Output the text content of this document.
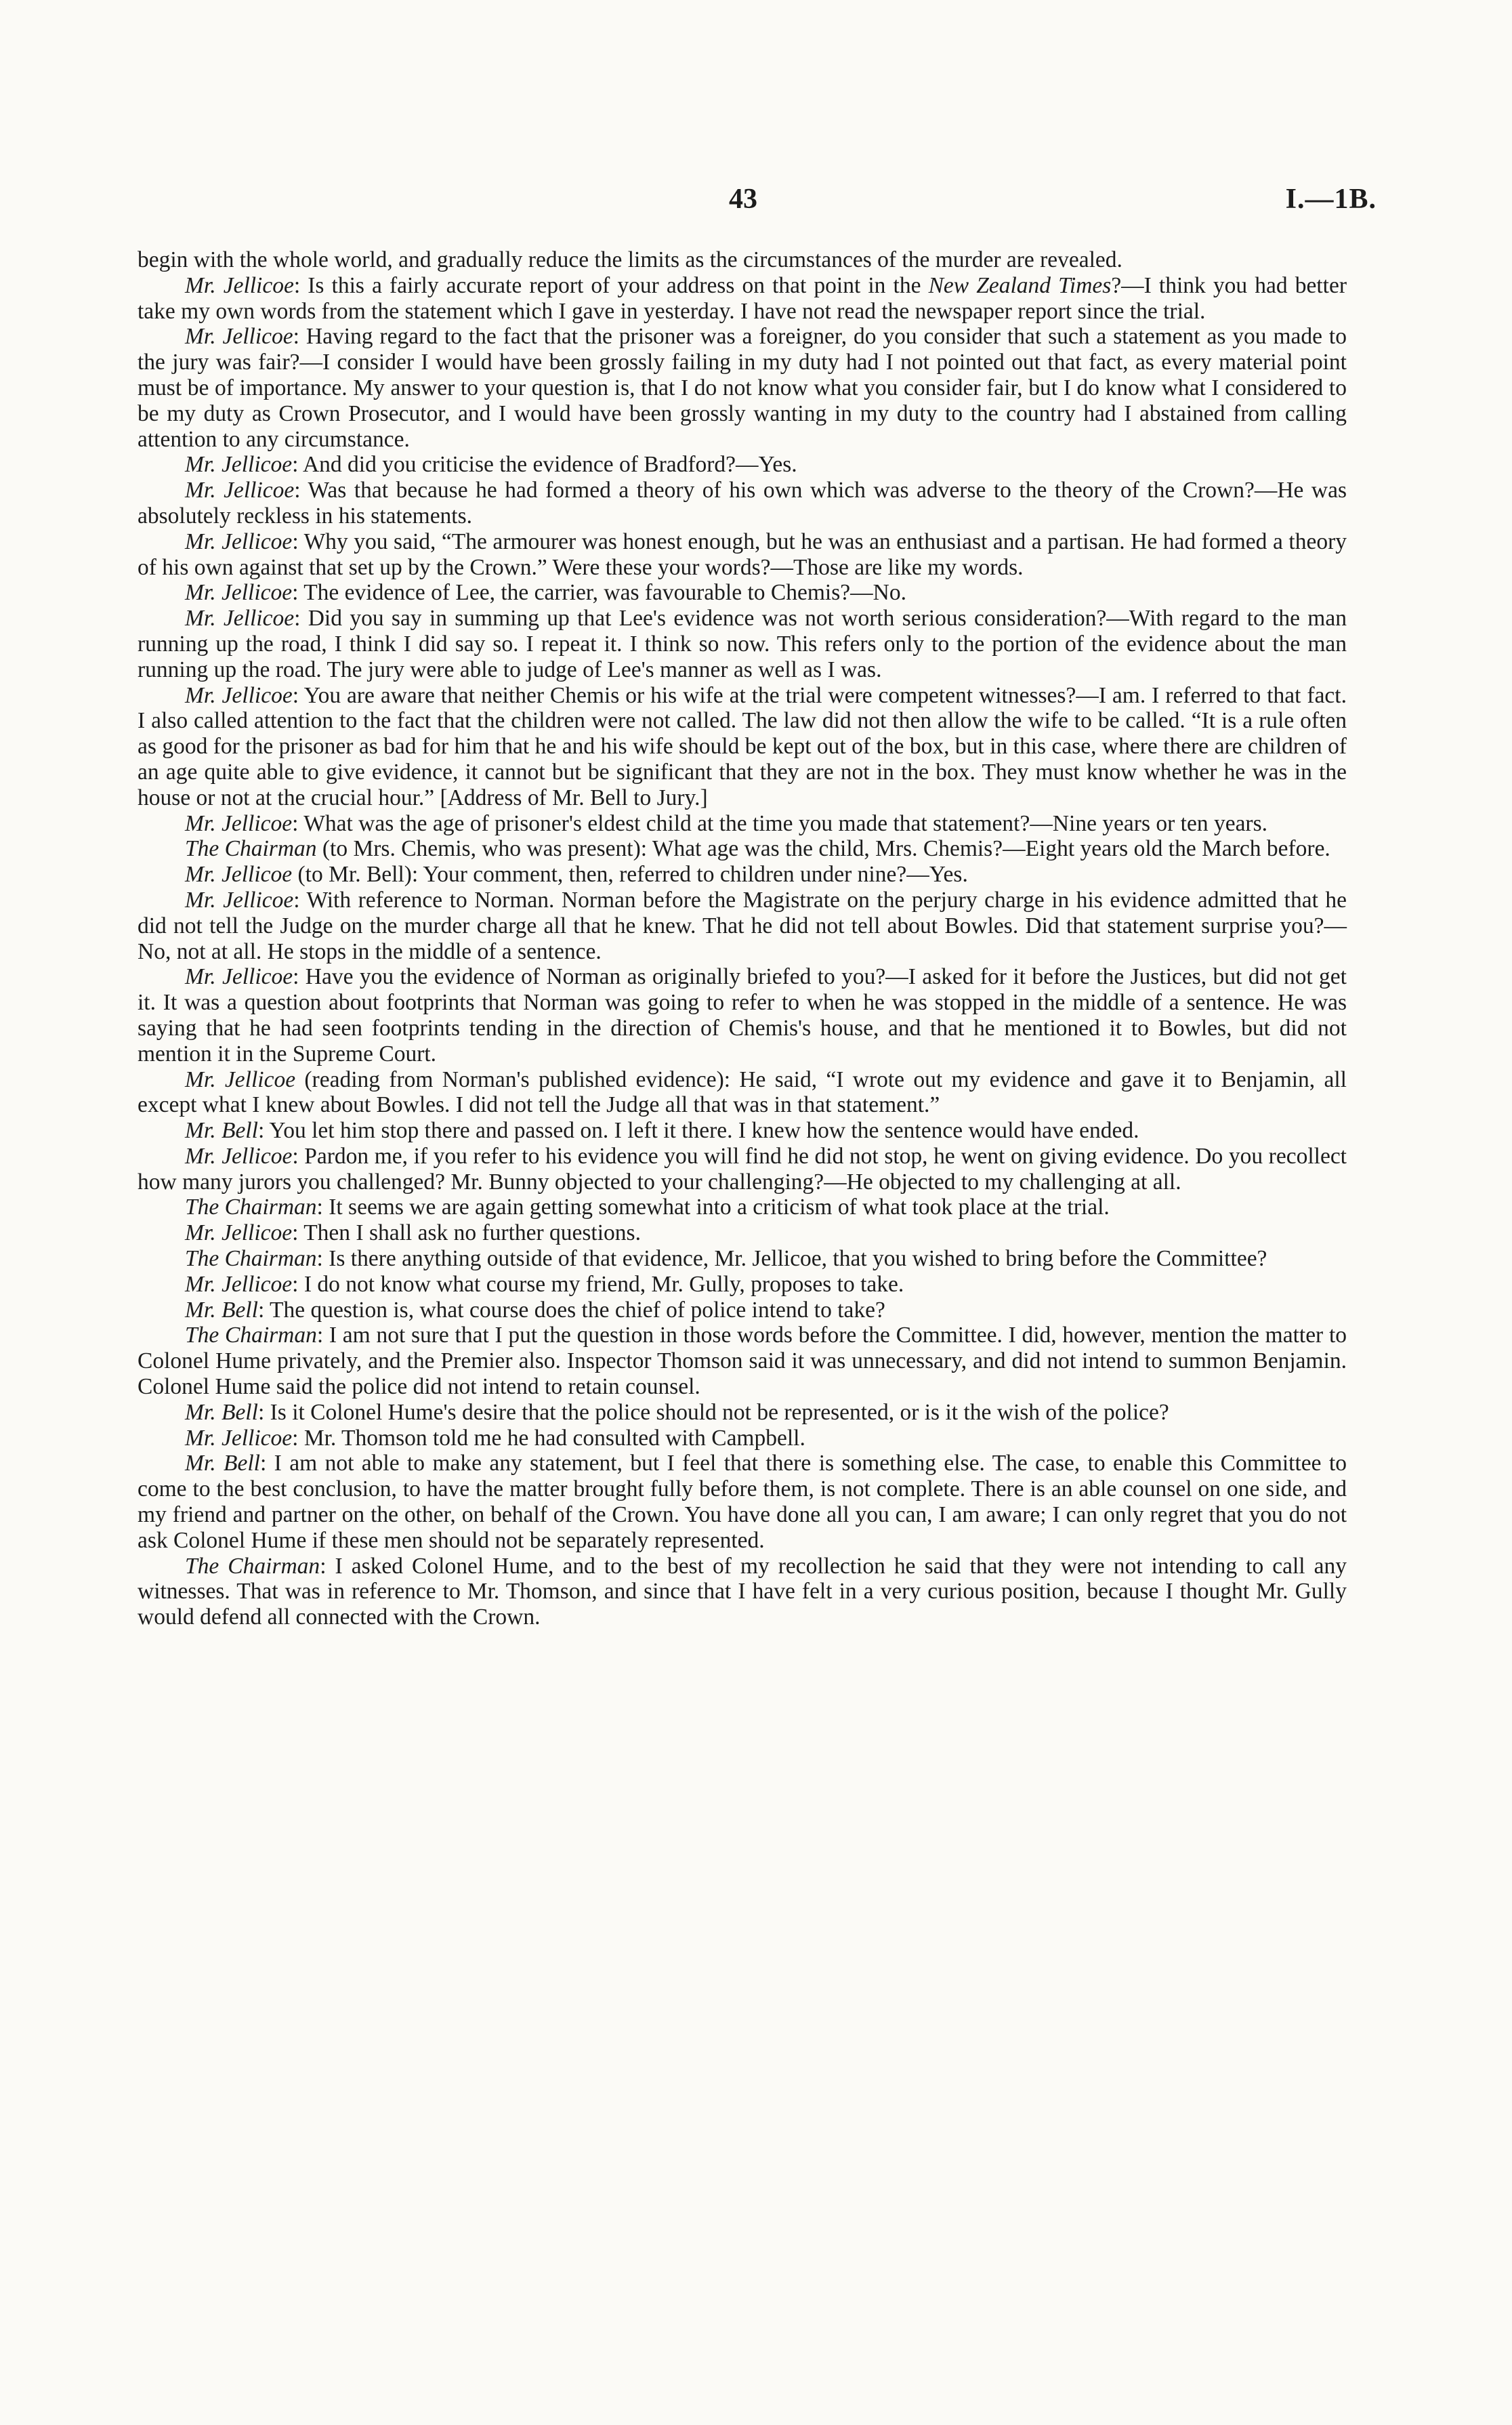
43	I.—1B.

begin with the whole world, and gradually reduce the limits as the circumstances of the murder are revealed.

Mr. Jellicoe: Is this a fairly accurate report of your address on that point in the New Zealand Times?—I think you had better take my own words from the statement which I gave in yesterday. I have not read the newspaper report since the trial.

Mr. Jellicoe: Having regard to the fact that the prisoner was a foreigner, do you consider that such a statement as you made to the jury was fair?—I consider I would have been grossly failing in my duty had I not pointed out that fact, as every material point must be of importance. My answer to your question is, that I do not know what you consider fair, but I do know what I considered to be my duty as Crown Prosecutor, and I would have been grossly wanting in my duty to the country had I abstained from calling attention to any circumstance.

Mr. Jellicoe: And did you criticise the evidence of Bradford?—Yes.

Mr. Jellicoe: Was that because he had formed a theory of his own which was adverse to the theory of the Crown?—He was absolutely reckless in his statements.

Mr. Jellicoe: Why you said, “The armourer was honest enough, but he was an enthusiast and a partisan. He had formed a theory of his own against that set up by the Crown.” Were these your words?—Those are like my words.

Mr. Jellicoe: The evidence of Lee, the carrier, was favourable to Chemis?—No.

Mr. Jellicoe: Did you say in summing up that Lee's evidence was not worth serious consideration?—With regard to the man running up the road, I think I did say so. I repeat it. I think so now. This refers only to the portion of the evidence about the man running up the road. The jury were able to judge of Lee's manner as well as I was.

Mr. Jellicoe: You are aware that neither Chemis or his wife at the trial were competent witnesses?—I am. I referred to that fact. I also called attention to the fact that the children were not called. The law did not then allow the wife to be called. “It is a rule often as good for the prisoner as bad for him that he and his wife should be kept out of the box, but in this case, where there are children of an age quite able to give evidence, it cannot but be significant that they are not in the box. They must know whether he was in the house or not at the crucial hour.” [Address of Mr. Bell to Jury.]

Mr. Jellicoe: What was the age of prisoner's eldest child at the time you made that statement?—Nine years or ten years.

The Chairman (to Mrs. Chemis, who was present): What age was the child, Mrs. Chemis?—Eight years old the March before.

Mr. Jellicoe (to Mr. Bell): Your comment, then, referred to children under nine?—Yes.

Mr. Jellicoe: With reference to Norman. Norman before the Magistrate on the perjury charge in his evidence admitted that he did not tell the Judge on the murder charge all that he knew. That he did not tell about Bowles. Did that statement surprise you?—No, not at all. He stops in the middle of a sentence.

Mr. Jellicoe: Have you the evidence of Norman as originally briefed to you?—I asked for it before the Justices, but did not get it. It was a question about footprints that Norman was going to refer to when he was stopped in the middle of a sentence. He was saying that he had seen footprints tending in the direction of Chemis's house, and that he mentioned it to Bowles, but did not mention it in the Supreme Court.

Mr. Jellicoe (reading from Norman's published evidence): He said, “I wrote out my evidence and gave it to Benjamin, all except what I knew about Bowles. I did not tell the Judge all that was in that statement.”

Mr. Bell: You let him stop there and passed on. I left it there. I knew how the sentence would have ended.

Mr. Jellicoe: Pardon me, if you refer to his evidence you will find he did not stop, he went on giving evidence. Do you recollect how many jurors you challenged? Mr. Bunny objected to your challenging?—He objected to my challenging at all.

The Chairman: It seems we are again getting somewhat into a criticism of what took place at the trial.

Mr. Jellicoe: Then I shall ask no further questions.

The Chairman: Is there anything outside of that evidence, Mr. Jellicoe, that you wished to bring before the Committee?

Mr. Jellicoe: I do not know what course my friend, Mr. Gully, proposes to take.

Mr. Bell: The question is, what course does the chief of police intend to take?

The Chairman: I am not sure that I put the question in those words before the Committee. I did, however, mention the matter to Colonel Hume privately, and the Premier also. Inspector Thomson said it was unnecessary, and did not intend to summon Benjamin. Colonel Hume said the police did not intend to retain counsel.

Mr. Bell: Is it Colonel Hume's desire that the police should not be represented, or is it the wish of the police?

Mr. Jellicoe: Mr. Thomson told me he had consulted with Campbell.

Mr. Bell: I am not able to make any statement, but I feel that there is something else. The case, to enable this Committee to come to the best conclusion, to have the matter brought fully before them, is not complete. There is an able counsel on one side, and my friend and partner on the other, on behalf of the Crown. You have done all you can, I am aware; I can only regret that you do not ask Colonel Hume if these men should not be separately represented.

The Chairman: I asked Colonel Hume, and to the best of my recollection he said that they were not intending to call any witnesses. That was in reference to Mr. Thomson, and since that I have felt in a very curious position, because I thought Mr. Gully would defend all connected with the Crown.
